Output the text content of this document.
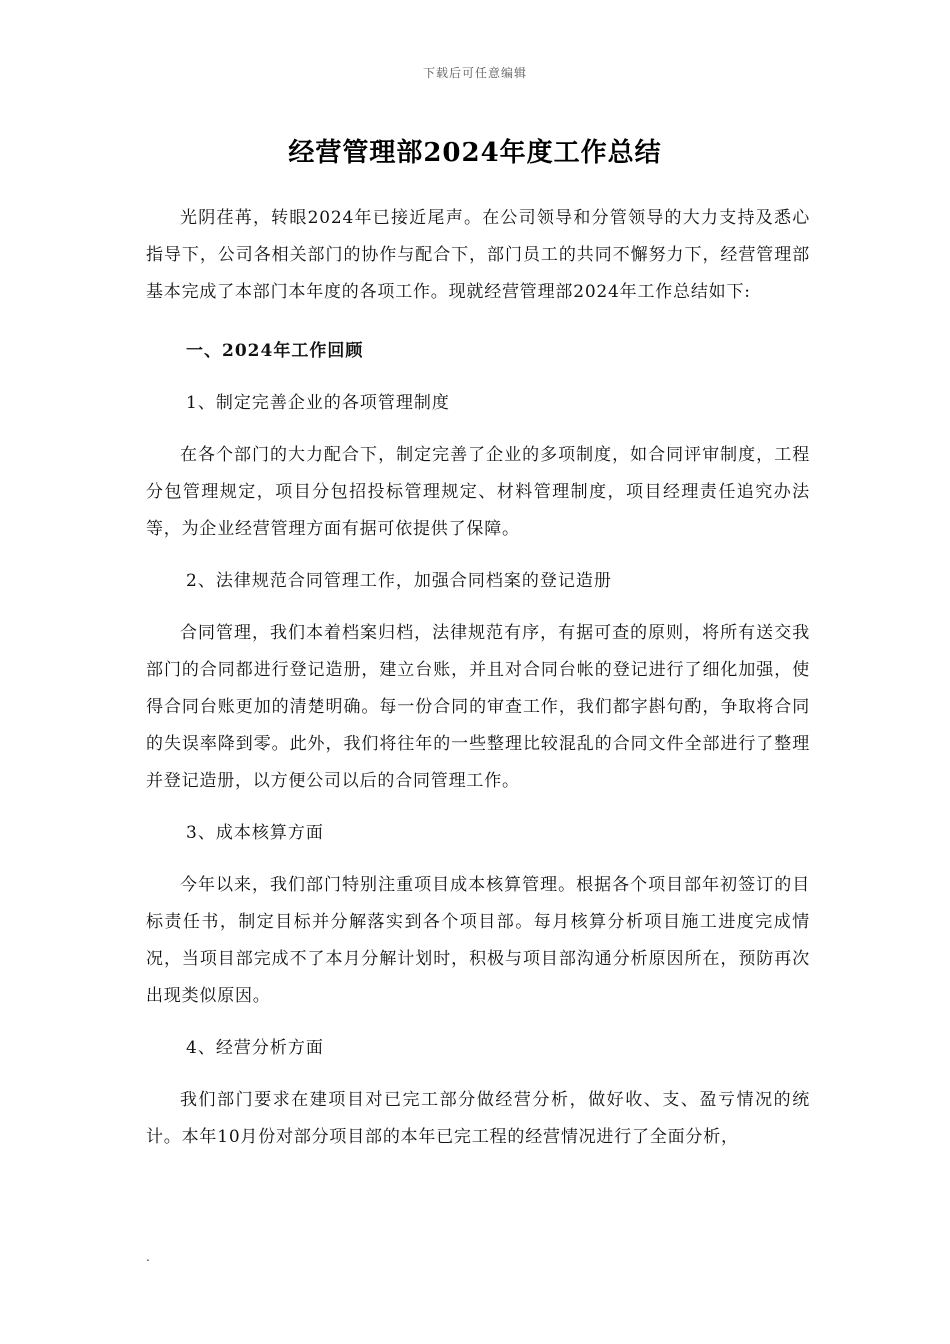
下载后可任意编辑
经营管理部2024年度工作总结

光阴荏苒，转眼2024年已接近尾声。在公司领导和分管领导的大力支持及悉心指导下，公司各相关部门的协作与配合下，部门员工的共同不懈努力下，经营管理部基本完成了本部门本年度的各项工作。现就经营管理部2024年工作总结如下:

一、2024年工作回顾

1、制定完善企业的各项管理制度

在各个部门的大力配合下，制定完善了企业的多项制度，如合同评审制度，工程分包管理规定，项目分包招投标管理规定、材料管理制度，项目经理责任追究办法等，为企业经营管理方面有据可依提供了保障。

2、法律规范合同管理工作，加强合同档案的登记造册

合同管理，我们本着档案归档，法律规范有序，有据可查的原则，将所有送交我部门的合同都进行登记造册，建立台账，并且对合同台帐的登记进行了细化加强，使得合同台账更加的清楚明确。每一份合同的审查工作，我们都字斟句酌，争取将合同的失误率降到零。此外，我们将往年的一些整理比较混乱的合同文件全部进行了整理并登记造册，以方便公司以后的合同管理工作。

3、成本核算方面

今年以来，我们部门特别注重项目成本核算管理。根据各个项目部年初签订的目标责任书，制定目标并分解落实到各个项目部。每月核算分析项目施工进度完成情况，当项目部完成不了本月分解计划时，积极与项目部沟通分析原因所在，预防再次出现类似原因。

4、经营分析方面

我们部门要求在建项目对已完工部分做经营分析，做好收、支、盈亏情况的统计。本年10月份对部分项目部的本年已完工程的经营情况进行了全面分析，

.
